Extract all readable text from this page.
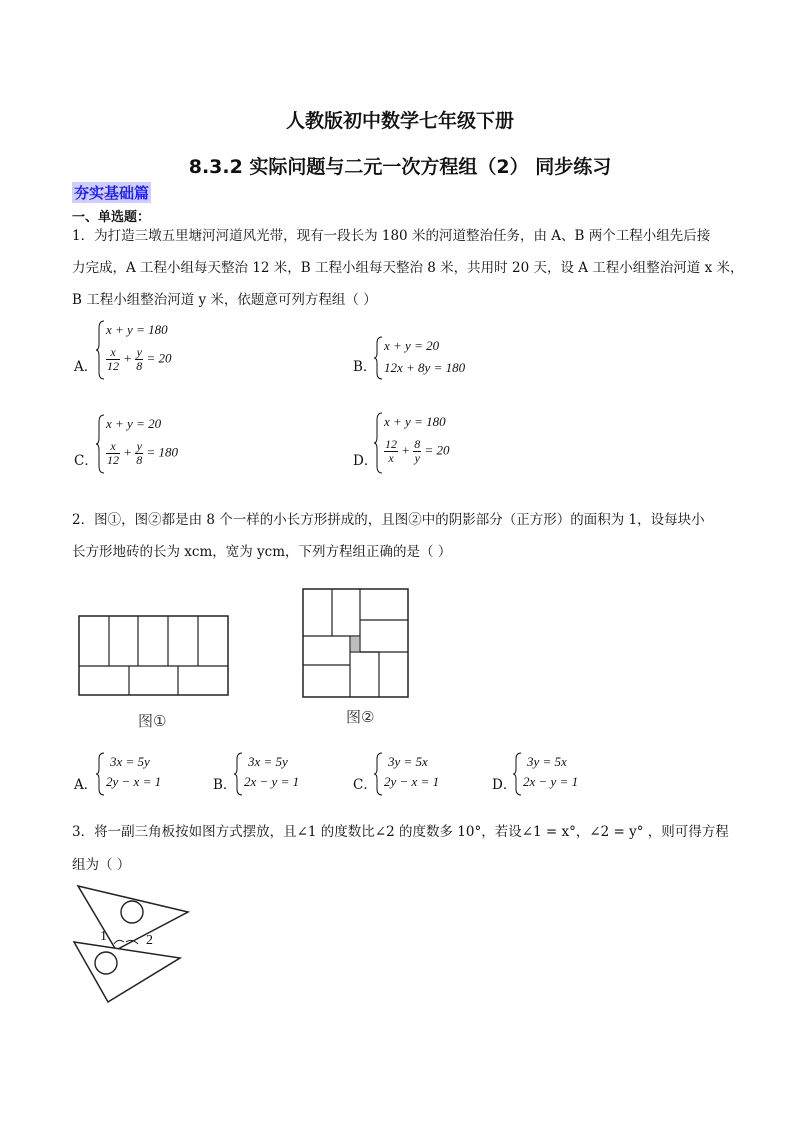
人教版初中数学七年级下册
8.3.2 实际问题与二元一次方程组（2） 同步练习
夯实基础篇
一、单选题：
1．为打造三墩五里塘河河道风光带，现有一段长为 180 米的河道整治任务，由 A、B 两个工程小组先后接
力完成，A 工程小组每天整治 12 米，B 工程小组每天整治 8 米，共用时 20 天，设 A 工程小组整治河道 x 米，
B 工程小组整治河道 y 米，依题意可列方程组（ ）
A．
x + y = 180
$\frac{x}{12} + \frac{y}{8} = 20$
B．
x + y = 20
12x + 8y = 180
C．
x + y = 20
$\frac{x}{12} + \frac{y}{8} = 180$
D．
x + y = 180
$\frac{12}{x} + \frac{8}{y} = 20$
2．图①，图②都是由 8 个一样的小长方形拼成的，且图②中的阴影部分（正方形）的面积为 1，设每块小
长方形地砖的长为 xcm，宽为 ycm，下列方程组正确的是（ ）
图①	图②
A．
3x = 5y
2y − x = 1	B．
3x = 5y
2x − y = 1	C．
3y = 5x
2y − x = 1	D．
3y = 5x
2x − y = 1
3．将一副三角板按如图方式摆放，且∠1 的度数比∠2 的度数多 10°，若设∠1 = x°，∠2 = y° ，则可得方程
组为（ ）
1	2
